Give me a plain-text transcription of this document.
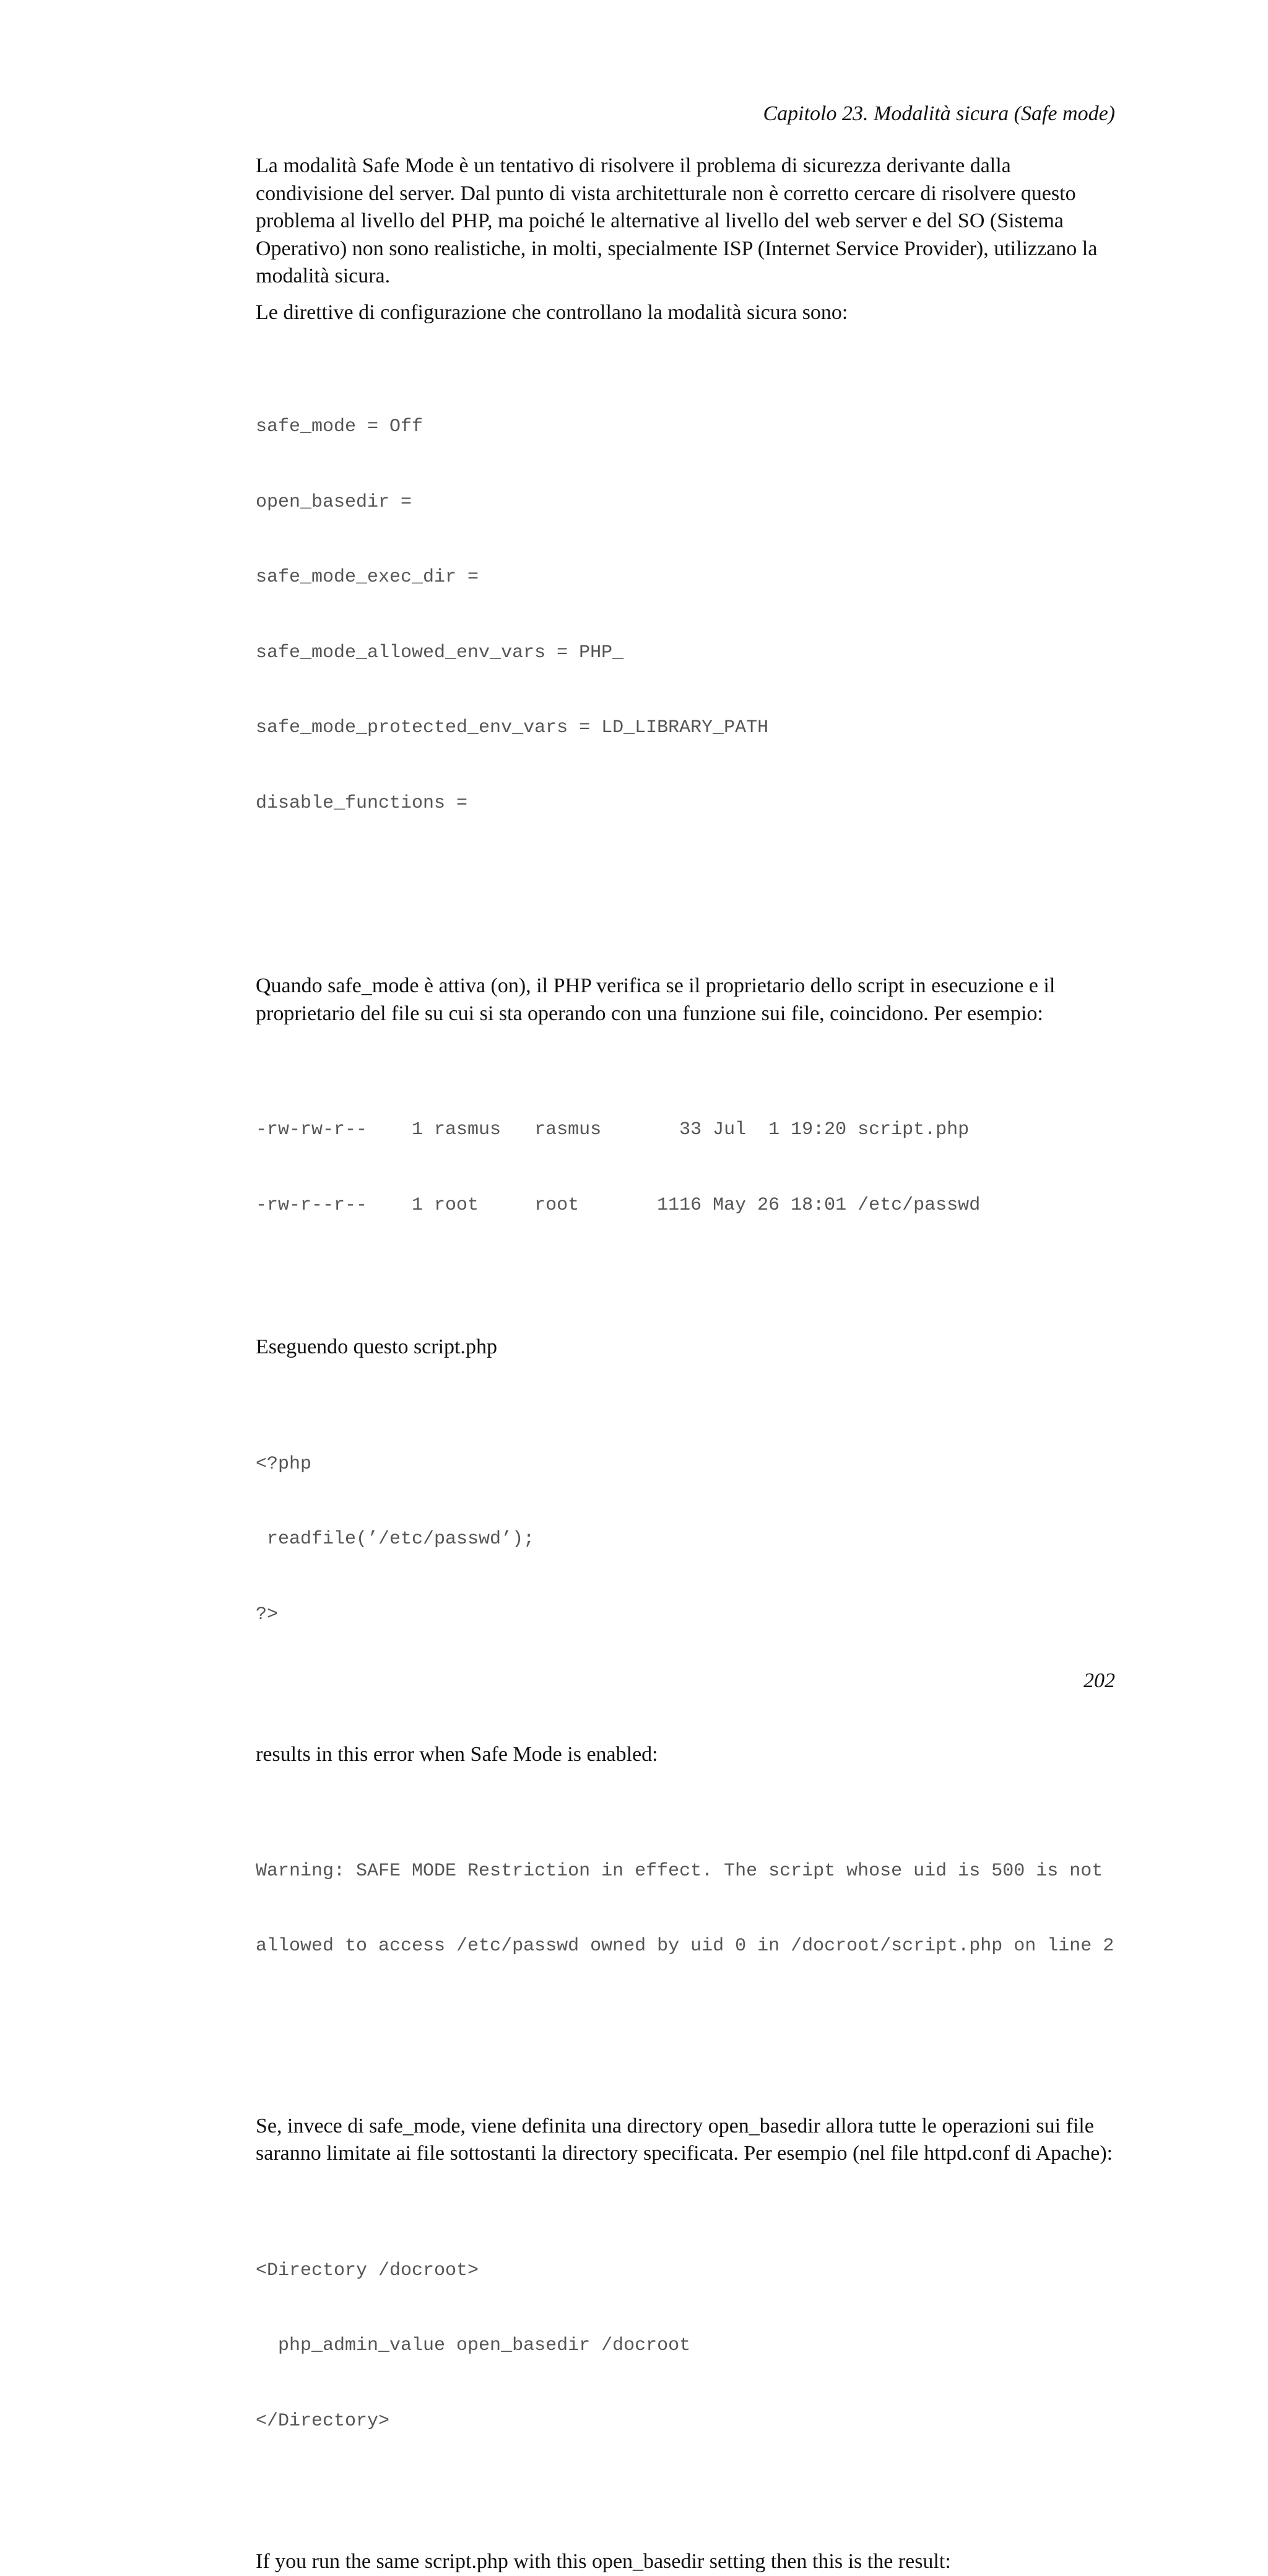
Capitolo 23. Modalità sicura (Safe mode)

La modalità Safe Mode è un tentativo di risolvere il problema di sicurezza derivante dalla condivisione del server. Dal punto di vista architetturale non è corretto cercare di risolvere questo problema al livello del PHP, ma poiché le alternative al livello del web server e del SO (Sistema Operativo) non sono realistiche, in molti, specialmente ISP (Internet Service Provider), utilizzano la modalità sicura.

Le direttive di configurazione che controllano la modalità sicura sono:

safe_mode = Off

open_basedir =

safe_mode_exec_dir =

safe_mode_allowed_env_vars = PHP_

safe_mode_protected_env_vars = LD_LIBRARY_PATH

disable_functions =

Quando safe_mode è attiva (on), il PHP verifica se il proprietario dello script in esecuzione e il proprietario del file su cui si sta operando con una funzione sui file, coincidono. Per esempio:

-rw-rw-r--    1 rasmus   rasmus       33 Jul  1 19:20 script.php

-rw-r--r--    1 root     root       1116 May 26 18:01 /etc/passwd

Eseguendo questo script.php

<?php

readfile(’/etc/passwd’);

?>

results in this error when Safe Mode is enabled:

Warning: SAFE MODE Restriction in effect. The script whose uid is 500 is not

allowed to access /etc/passwd owned by uid 0 in /docroot/script.php on line 2

Se, invece di safe_mode, viene definita una directory open_basedir allora tutte le operazioni sui file saranno limitate ai file sottostanti la directory specificata. Per esempio (nel file httpd.conf di Apache):

<Directory /docroot>

php_admin_value open_basedir /docroot

</Directory>

If you run the same script.php with this open_basedir setting then this is the result:

202
